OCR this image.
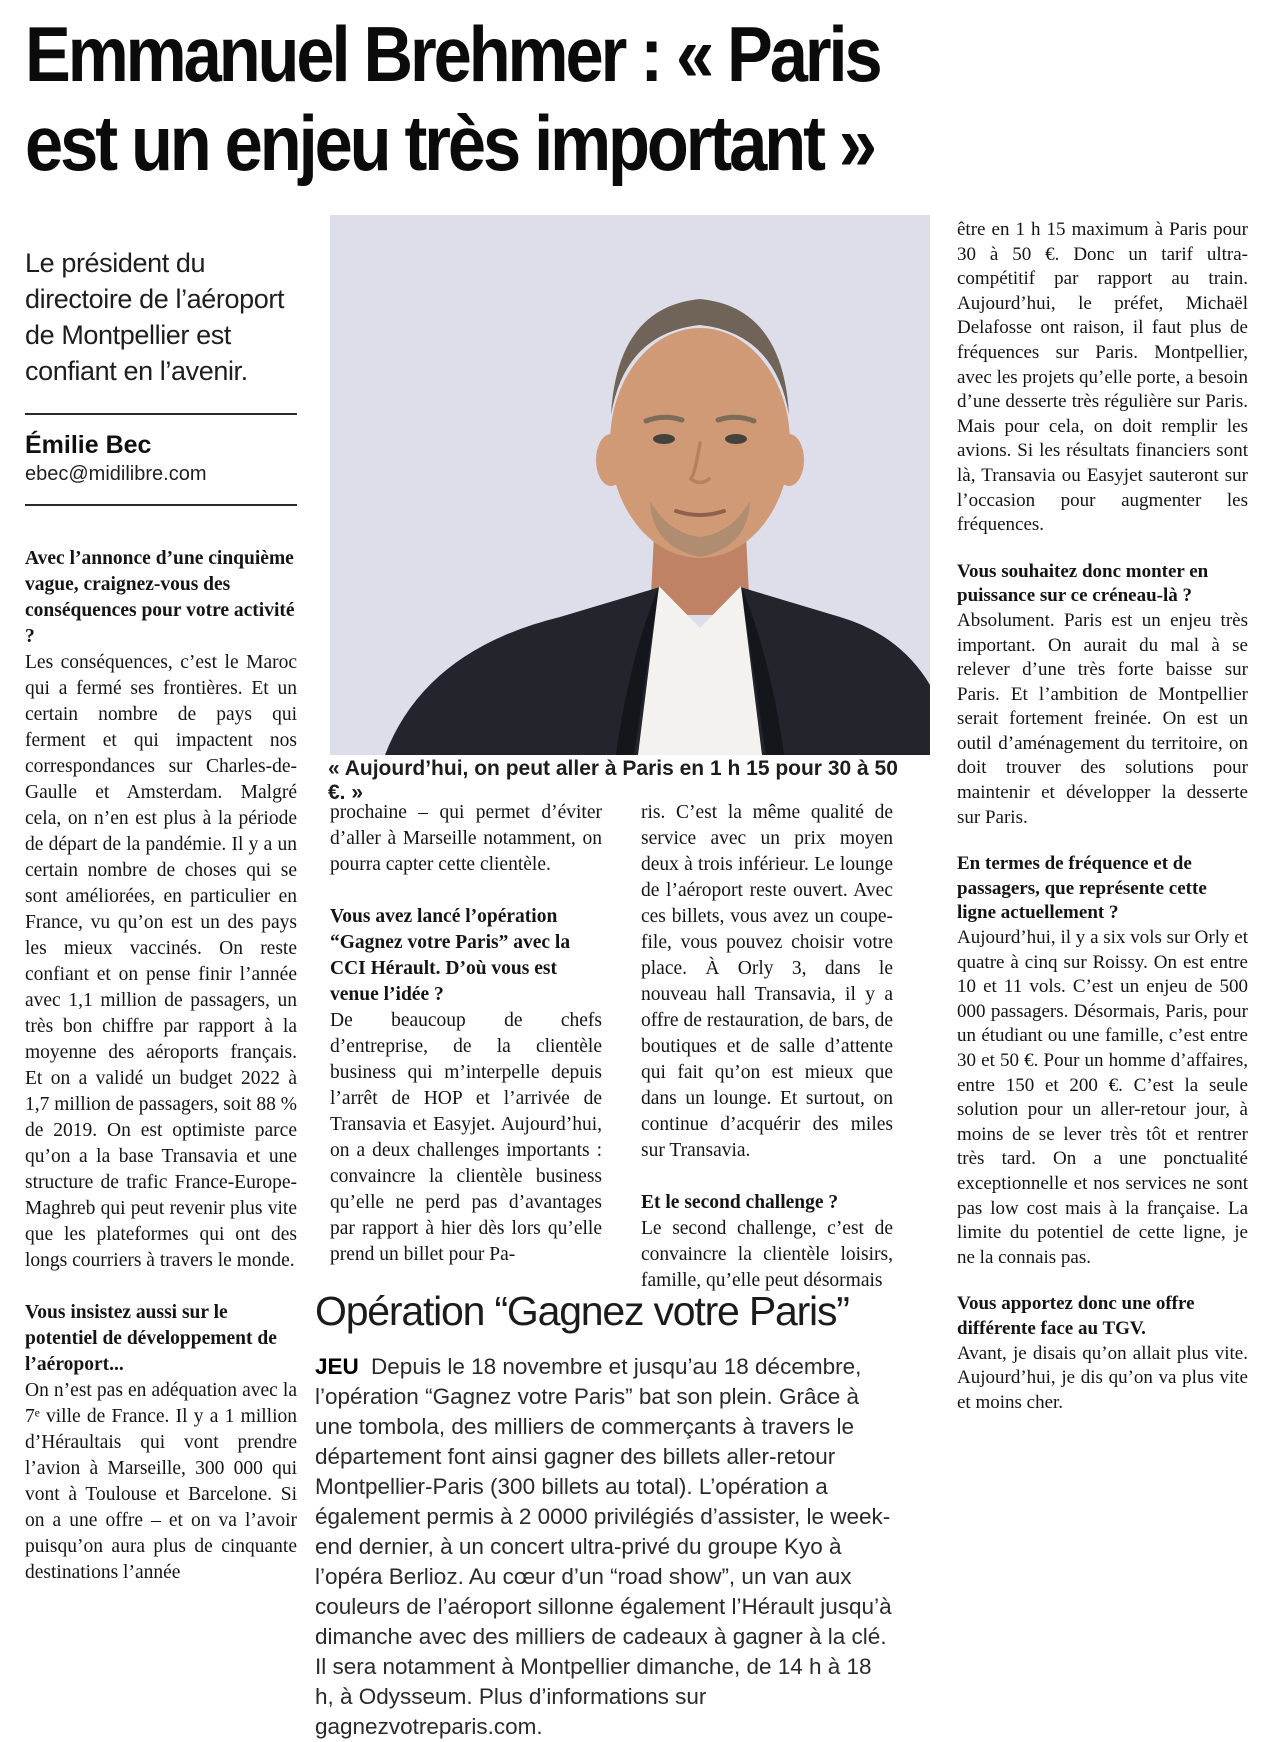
Emmanuel Brehmer : « Paris
est un enjeu très important »

Le président du directoire de l’aéroport de Montpellier est confiant en l’avenir.

Émilie Bec

ebec@midilibre.com

Avec l’annonce d’une cinquième vague, craignez-vous des conséquences pour votre activité ?

Les conséquences, c’est le Maroc qui a fermé ses frontières. Et un certain nombre de pays qui ferment et qui impactent nos correspondances sur Charles-de-Gaulle et Amsterdam. Malgré cela, on n’en est plus à la période de départ de la pandémie. Il y a un certain nombre de choses qui se sont améliorées, en particulier en France, vu qu’on est un des pays les mieux vaccinés. On reste confiant et on pense finir l’année avec 1,1 million de passagers, un très bon chiffre par rapport à la moyenne des aéroports français. Et on a validé un budget 2022 à 1,7 million de passagers, soit 88 % de 2019. On est optimiste parce qu’on a la base Transavia et une structure de trafic France-Europe-Maghreb qui peut revenir plus vite que les plateformes qui ont des longs courriers à travers le monde.

Vous insistez aussi sur le potentiel de développement de l’aéroport...

On n’est pas en adéquation avec la 7ᵉ ville de France. Il y a 1 million d’Héraultais qui vont prendre l’avion à Marseille, 300 000 qui vont à Toulouse et Barcelone. Si on a une offre – et on va l’avoir puisqu’on aura plus de cinquante destinations l’année

« Aujourd’hui, on peut aller à Paris en 1 h 15 pour 30 à 50 €. »

prochaine – qui permet d’éviter d’aller à Marseille notamment, on pourra capter cette clientèle.

Vous avez lancé l’opération “Gagnez votre Paris” avec la CCI Hérault. D’où vous est venue l’idée ?

De beaucoup de chefs d’entreprise, de la clientèle business qui m’interpelle depuis l’arrêt de HOP et l’arrivée de Transavia et Easyjet. Aujourd’hui, on a deux challenges importants : convaincre la clientèle business qu’elle ne perd pas d’avantages par rapport à hier dès lors qu’elle prend un billet pour Pa-

ris. C’est la même qualité de service avec un prix moyen deux à trois inférieur. Le lounge de l’aéroport reste ouvert. Avec ces billets, vous avez un coupe-file, vous pouvez choisir votre place. À Orly 3, dans le nouveau hall Transavia, il y a offre de restauration, de bars, de boutiques et de salle d’attente qui fait qu’on est mieux que dans un lounge. Et surtout, on continue d’acquérir des miles sur Transavia.

Et le second challenge ?

Le second challenge, c’est de convaincre la clientèle loisirs, famille, qu’elle peut désormais

être en 1 h 15 maximum à Paris pour 30 à 50 €. Donc un tarif ultra-compétitif par rapport au train. Aujourd’hui, le préfet, Michaël Delafosse ont raison, il faut plus de fréquences sur Paris. Montpellier, avec les projets qu’elle porte, a besoin d’une desserte très régulière sur Paris. Mais pour cela, on doit remplir les avions. Si les résultats financiers sont là, Transavia ou Easyjet sauteront sur l’occasion pour augmenter les fréquences.

Vous souhaitez donc monter en puissance sur ce créneau-là ?

Absolument. Paris est un enjeu très important. On aurait du mal à se relever d’une très forte baisse sur Paris. Et l’ambition de Montpellier serait fortement freinée. On est un outil d’aménagement du territoire, on doit trouver des solutions pour maintenir et développer la desserte sur Paris.

En termes de fréquence et de passagers, que représente cette ligne actuellement ?

Aujourd’hui, il y a six vols sur Orly et quatre à cinq sur Roissy. On est entre 10 et 11 vols. C’est un enjeu de 500 000 passagers. Désormais, Paris, pour un étudiant ou une famille, c’est entre 30 et 50 €. Pour un homme d’affaires, entre 150 et 200 €. C’est la seule solution pour un aller-retour jour, à moins de se lever très tôt et rentrer très tard. On a une ponctualité exceptionnelle et nos services ne sont pas low cost mais à la française. La limite du potentiel de cette ligne, je ne la connais pas.

Vous apportez donc une offre différente face au TGV.

Avant, je disais qu’on allait plus vite. Aujourd’hui, je dis qu’on va plus vite et moins cher.

Opération “Gagnez votre Paris”

JEU Depuis le 18 novembre et jusqu’au 18 décembre, l’opération “Gagnez votre Paris” bat son plein. Grâce à une tombola, des milliers de commerçants à travers le département font ainsi gagner des billets aller-retour Montpellier-Paris (300 billets au total). L’opération a également permis à 2 0000 privilégiés d’assister, le week-end dernier, à un concert ultra-privé du groupe Kyo à l’opéra Berlioz. Au cœur d’un “road show”, un van aux couleurs de l’aéroport sillonne également l’Hérault jusqu’à dimanche avec des milliers de cadeaux à gagner à la clé. Il sera notamment à Montpellier dimanche, de 14 h à 18 h, à Odysseum. Plus d’informations sur gagnezvotreparis.com.
